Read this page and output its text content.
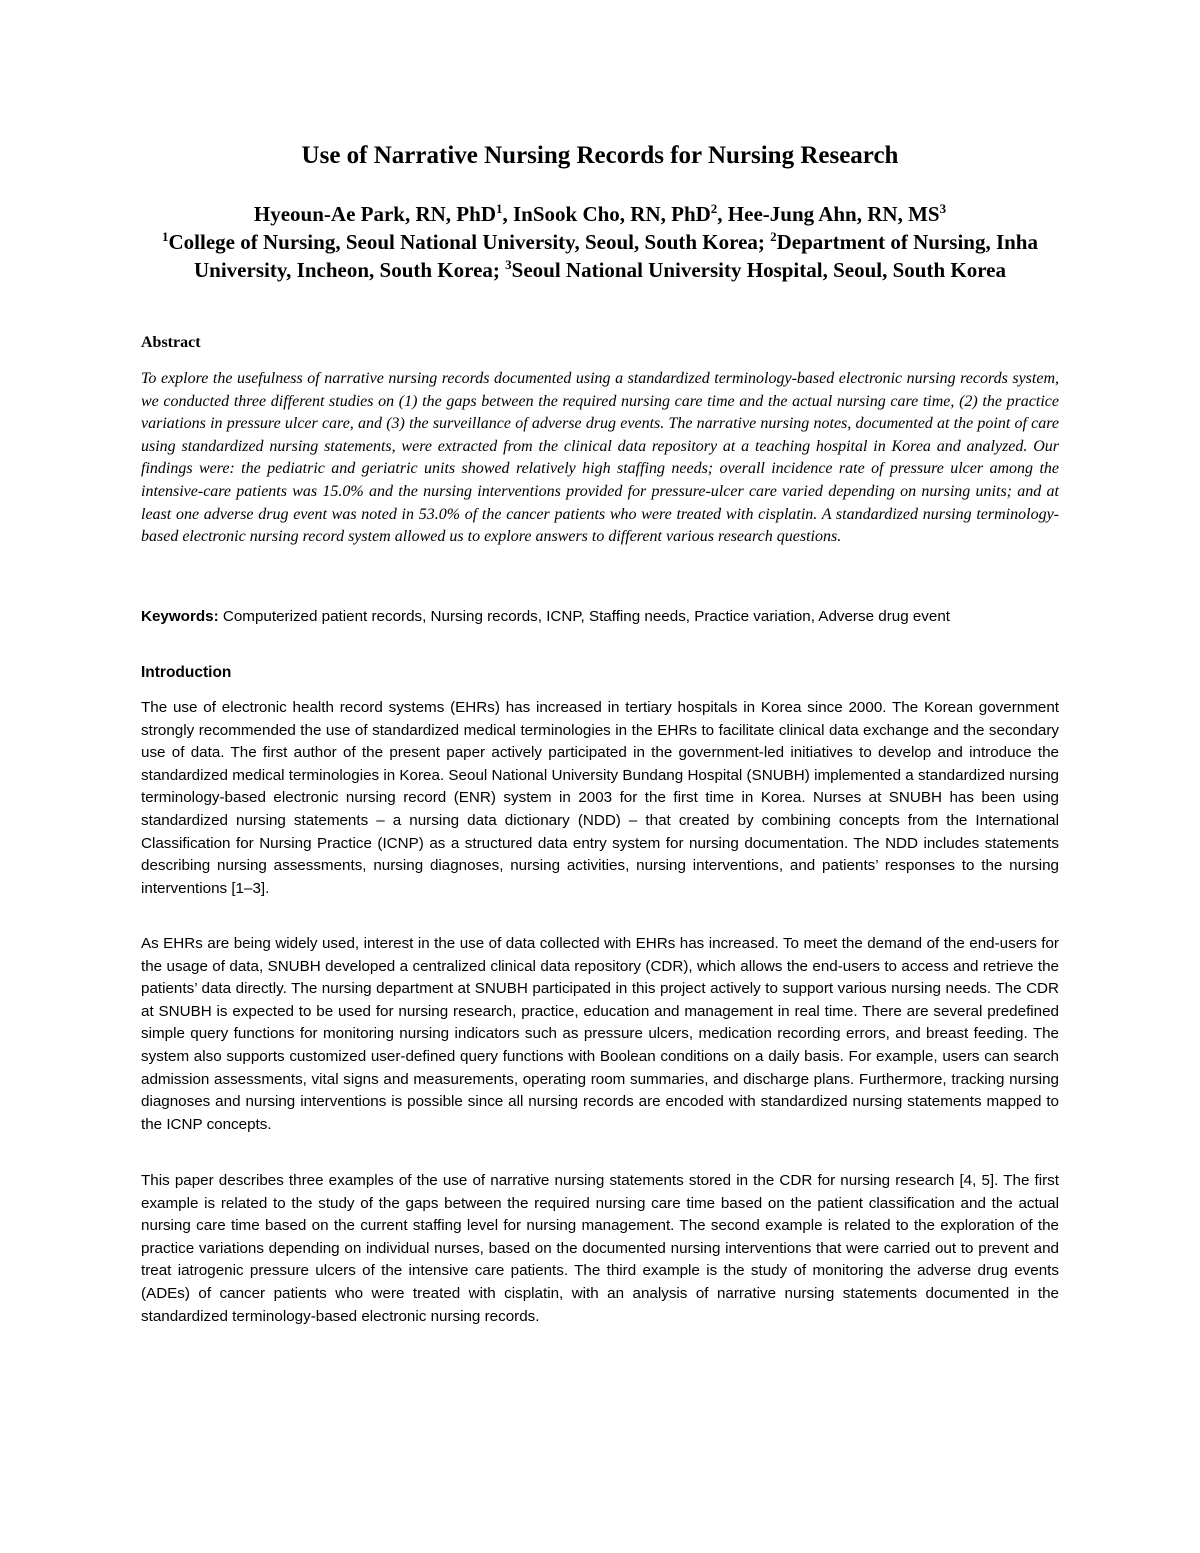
Use of Narrative Nursing Records for Nursing Research
Hyeoun-Ae Park, RN, PhD$^1$, InSook Cho, RN, PhD$^2$, Hee-Jung Ahn, RN, $MS^3$
$^1$College of Nursing, Seoul National University, Seoul, South Korea; $^2$Department of Nursing, Inha University, Incheon, South Korea; $^3$Seoul National University Hospital, Seoul, South Korea
Abstract
To explore the usefulness of narrative nursing records documented using a standardized terminology-based electronic nursing records system, we conducted three different studies on (1) the gaps between the required nursing care time and the actual nursing care time, (2) the practice variations in pressure ulcer care, and (3) the surveillance of adverse drug events. The narrative nursing notes, documented at the point of care using standardized nursing statements, were extracted from the clinical data repository at a teaching hospital in Korea and analyzed. Our findings were: the pediatric and geriatric units showed relatively high staffing needs; overall incidence rate of pressure ulcer among the intensive-care patients was 15.0% and the nursing interventions provided for pressure-ulcer care varied depending on nursing units; and at least one adverse drug event was noted in 53.0% of the cancer patients who were treated with cisplatin. A standardized nursing terminology-based electronic nursing record system allowed us to explore answers to different various research questions.
Keywords: Computerized patient records, Nursing records, ICNP, Staffing needs, Practice variation, Adverse drug event
Introduction
The use of electronic health record systems (EHRs) has increased in tertiary hospitals in Korea since 2000. The Korean government strongly recommended the use of standardized medical terminologies in the EHRs to facilitate clinical data exchange and the secondary use of data. The first author of the present paper actively participated in the government-led initiatives to develop and introduce the standardized medical terminologies in Korea. Seoul National University Bundang Hospital (SNUBH) implemented a standardized nursing terminology-based electronic nursing record (ENR) system in 2003 for the first time in Korea. Nurses at SNUBH has been using standardized nursing statements – a nursing data dictionary (NDD) – that created by combining concepts from the International Classification for Nursing Practice (ICNP) as a structured data entry system for nursing documentation. The NDD includes statements describing nursing assessments, nursing diagnoses, nursing activities, nursing interventions, and patients’ responses to the nursing interventions [1–3].
As EHRs are being widely used, interest in the use of data collected with EHRs has increased. To meet the demand of the end-users for the usage of data, SNUBH developed a centralized clinical data repository (CDR), which allows the end-users to access and retrieve the patients’ data directly. The nursing department at SNUBH participated in this project actively to support various nursing needs. The CDR at SNUBH is expected to be used for nursing research, practice, education and management in real time. There are several predefined simple query functions for monitoring nursing indicators such as pressure ulcers, medication recording errors, and breast feeding. The system also supports customized user-defined query functions with Boolean conditions on a daily basis. For example, users can search admission assessments, vital signs and measurements, operating room summaries, and discharge plans. Furthermore, tracking nursing diagnoses and nursing interventions is possible since all nursing records are encoded with standardized nursing statements mapped to the ICNP concepts.
This paper describes three examples of the use of narrative nursing statements stored in the CDR for nursing research [4, 5]. The first example is related to the study of the gaps between the required nursing care time based on the patient classification and the actual nursing care time based on the current staffing level for nursing management. The second example is related to the exploration of the practice variations depending on individual nurses, based on the documented nursing interventions that were carried out to prevent and treat iatrogenic pressure ulcers of the intensive care patients. The third example is the study of monitoring the adverse drug events (ADEs) of cancer patients who were treated with cisplatin, with an analysis of narrative nursing statements documented in the standardized terminology-based electronic nursing records.
